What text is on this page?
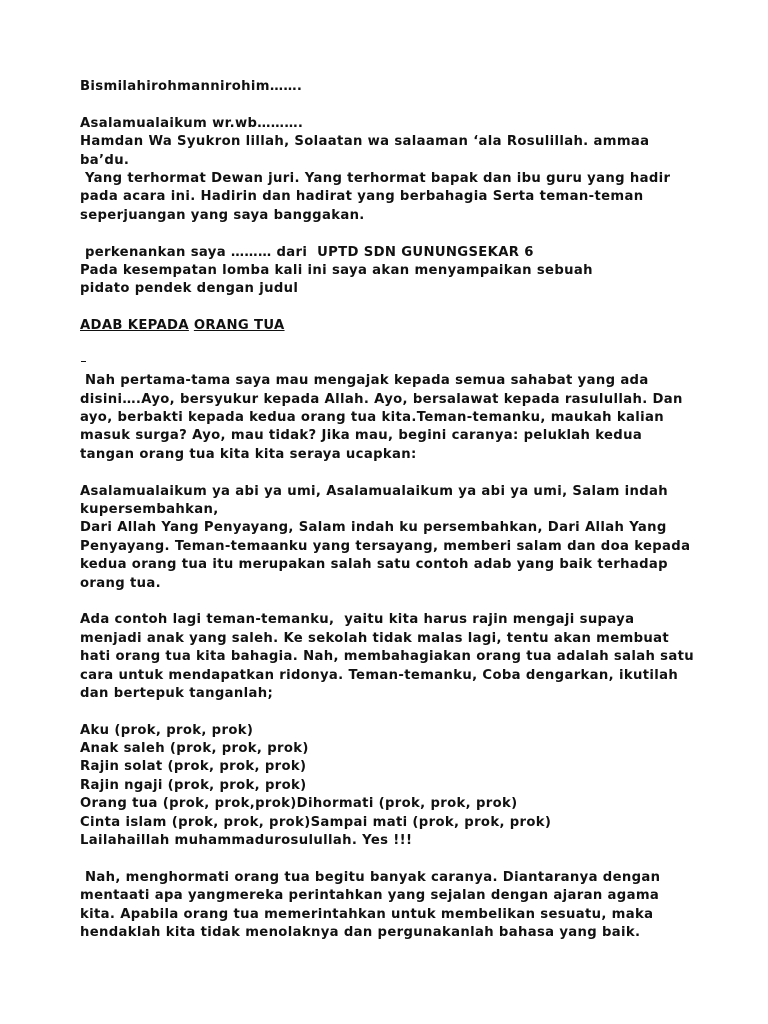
Bismilahirohmannirohim…….
Asalamualaikum wr.wb……….
Hamdan Wa Syukron lillah, Solaatan wa salaaman ‘ala Rosulillah. ammaa
ba’du.
Yang terhormat Dewan juri. Yang terhormat bapak dan ibu guru yang hadir
pada acara ini. Hadirin dan hadirat yang berbahagia Serta teman-teman
seperjuangan yang saya banggakan.
perkenankan saya ……… dari  UPTD SDN GUNUNGSEKAR 6
Pada kesempatan lomba kali ini saya akan menyampaikan sebuah
pidato pendek dengan judul
ADAB KEPADA ORANG TUA
Nah pertama-tama saya mau mengajak kepada semua sahabat yang ada
disini….Ayo, bersyukur kepada Allah. Ayo, bersalawat kepada rasulullah. Dan
ayo, berbakti kepada kedua orang tua kita.Teman-temanku, maukah kalian
masuk surga? Ayo, mau tidak? Jika mau, begini caranya: peluklah kedua
tangan orang tua kita kita seraya ucapkan:
Asalamualaikum ya abi ya umi, Asalamualaikum ya abi ya umi, Salam indah
kupersembahkan,
Dari Allah Yang Penyayang, Salam indah ku persembahkan, Dari Allah Yang
Penyayang. Teman-temaanku yang tersayang, memberi salam dan doa kepada
kedua orang tua itu merupakan salah satu contoh adab yang baik terhadap
orang tua.
Ada contoh lagi teman-temanku,  yaitu kita harus rajin mengaji supaya
menjadi anak yang saleh. Ke sekolah tidak malas lagi, tentu akan membuat
hati orang tua kita bahagia. Nah, membahagiakan orang tua adalah salah satu
cara untuk mendapatkan ridonya. Teman-temanku, Coba dengarkan, ikutilah
dan bertepuk tanganlah;
Aku (prok, prok, prok)
Anak saleh (prok, prok, prok)
Rajin solat (prok, prok, prok)
Rajin ngaji (prok, prok, prok)
Orang tua (prok, prok,prok)Dihormati (prok, prok, prok)
Cinta islam (prok, prok, prok)Sampai mati (prok, prok, prok)
Lailahaillah muhammadurosulullah. Yes !!!
Nah, menghormati orang tua begitu banyak caranya. Diantaranya dengan
mentaati apa yangmereka perintahkan yang sejalan dengan ajaran agama
kita. Apabila orang tua memerintahkan untuk membelikan sesuatu, maka
hendaklah kita tidak menolaknya dan pergunakanlah bahasa yang baik.
